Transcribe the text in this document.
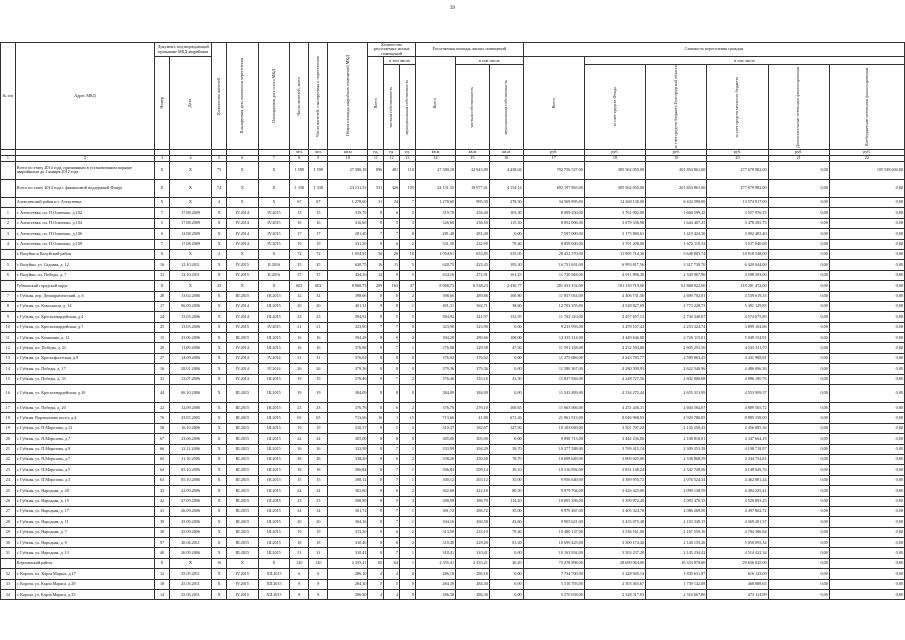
39
№ п/п	Адрес МКД	Документ, подтверждающий признание МКД аварийным		Количество жителей	Планируемая дата окончания переселения	Планируемая дата сноса МКД	Число жителей, всего	Число жителей, планируемых к переселению	Общая площадь аварийных помещений МКД	Количество расселяемых жилых помещений			Расселяемая площадь жилых помещений			Стоимость переселения граждан					

		Номер	Дата							Всего	в том числе		Всего	в том числе		Всего	в том числе				

											частная собственность	муниципальная собственность		частная собственность	муниципальная собственность		за счет средств Фонда	за счет средств бюджета Белгородской области	за счет средств местного бюджета	Дополнительные источники финансирования	Внебюджетные источники финансирования

							чел.	чел.	кв.м	ед.	ед.	ед.	кв.м	кв.м	кв.м	руб.	руб.	руб.	руб.	руб.	руб.
1	2	3	4	5	6	7	8	9	10	11	12	13	14	15	16	17	18	19	20	21	22
	Всего по этапу 2014 года, признанным в установленном порядке аварийными до 1 января 2012 года	X	X	75	X	X	1 599	1 599	27 380,18	896	481	110	27 380,18	22 943,89	4 438,04	792 756 527,00	385 562 050,00	201 854 861,00	277 679 982,00	0,00	105 548 604,00
	Всего по этапу 2014 года с финансовой поддержкой Фонда	X	X	74	X	X	1 338	1 338	24 131,55	531	426	105	24 131,55	19 977,41	4 154,14	692 197 863,00	385 562 050,00	201 854 861,00	277 679 982,00	0,00	0,00
	Алексеевский район и г. Алексеевка	X	X	4	X	X	67	67	1 278,60	31	24	7	1 278,60	995,30	278,30	34 569 895,00	14 268 138,00	6 434 590,00	13 574 917,00	0,00	0,00
1	г. Алексеевка, пл. П.Осипенко, д.102	7	17.08.2009	X	IV.2014	IV.2015	15	15	319,70	8	6	2	319,70	256,40	103,30	8 099 250,00	3 761 902,00	1 668 599,45	3 557 976,15	0,00	0,00
2	г. Алексеевка, пл. П.Осипенко, д.104	5	17.08.2009	X	IV.2014	IV.2015	16	16	316,60	8	5	3	326,60	236,50	115,30	8 852 006,00	3 679 336,98	1 644 407,25	3 478 205,73	0,00	0,00
3	г. Алексеевка, пл. П.Осипенко, д.106	6	12.08.2009	X	IV.2014	IV.2015	17	17	281,40	7	7	0	281,40	281,40	0,00	7 597 000,00	3 175 880,61	1 419 424,30	3 002 483,40	0,00	0,00
4	г. Алексеевка, пл. П.Осипенко, д.109	7	17.08.2009	X	IV.2014	IV.2015	19	19	331,50	8	6	2	331,50	232,90	79,40	8 859 000,00	3 701 208,00	1 672 110,32	3 537 040,68	0,00	0,00
	г. Валуйки и Валуйский район	X	X	2	X	X	72	72	1 054,91	30	20	10	1 054,91	653,85	335,05	28 452 570,00	11 905 714,36	5 648 803,74	10 918 348,00	0,00	0,00
5	г. Валуйки, ул. Садовая, д. 12	16	12.10.2011	X	IV.2015	II.2016	35	35	620,75	16	11	5	620,75	425,45	195,30	16 731 631,00	6 993 817,56	3 317 739,70	6 420 044,00	0,00	0,00
6	г. Валуйки, пл. Победы, д. 7	13	12.10.2011	X	IV.2015	II.2016	37	37	434,16	14	9	5	434,16	272,91	161,25	11 720 948,00	4 911 896,30	2 330 967,96	4 598 303,00	0,00	0,00
	Губкинский городской округ	X	X	25	X	X	602	602	8 968,73	209	163	47	8 968,73	6 538,23	2 430,77	281 433 152,00	101 130 719,00	61 868 922,00	118 281 472,00	0,00	0,00
7	г. Губкин, пер. Демократический, д. 6	28	13.02.2006	X	III.2015	III.2015	32	32	398,66	8	6	2	398,66	289,86	100,80	11 837 054,00	4 406 731,56	2 690 702,01	4 539 619,33	0,00	0,00
8	г. Губкин, ул. Комсомола, д. 14	17	06.09.2006	X	IV.2014	III.2015	20	20	401,31	9	8	1	401,31	362,71	38,60	12 703 355,00	4 528 827,69	2 773 228,73	5 491 129,83	0,00	0,00
9	г. Губкин, ул. Кросногвардейская, д.4	24	13.03.2006	X	IV.2014	III.2015	23	23	394,92	8	5	3	394,92	241,97	152,95	11 762 310,00	4 457 657,13	2 730 340,07	4 574 675,89	0,00	0,00
10	г. Губкин, ул. Кросногвардейская, д.7	25	13.03.2006	X	IV.2015	IV.2015	21	21	323,90	7	7	0	323,90	323,90	0,00	9 233 993,00	3 478 107,42	2 253 324,74	3 899 104,86	0,00	0,00
11	г. Губкин, ул. Калинина, д. 12	15	23.06.2006	X	III.2015	III.2015	16	16	394,28	8	6	2	394,28	280,66	108,00	12 335 114,00	4 449 646,88	2 726 115,01	5 049 154,91	0,00	0,00
12	г. Губкин, пл. Победы, д. 21	20	11.09.2006	X	IV.2014	III.2015	16	16	376,88	8	7	1	376,88	329,38	47,50	11 591 138,00	4 252 594,80	2 605 255,50	4 533 311,70	0,00	0,00
13	г. Губкин, ул. Кроснофлотская, д.9	27	14.09.2006	X	IV.2014	IV.2014	31	31	376,02	8	8	0	376,02	376,02	0,00	11 275 686,00	4 243 783,77	2 599 863,45	4 431 988,81	0,00	0,00
14	г. Губкин, ул. Победы, д. 17	16	28.01.2006	X	IV.2014	IV.2014	26	26	379,36	8	8	0	379,36	379,36	0,00	11 580 367,00	4 280 509,93	2 622 540,96	4 486 006,36	0,00	0,00
15	г. Губкин, ул. Победы, д. 33	31	12.07.2006	X	IV.2014	III.2015	19	19	376,46	9	7	2	376,46	333,16	43,30	11 837 836,00	4 248 727,56	2 602 906,68	4 986 190,76	0,00	0,00
16	г. Губкин, ул. Кросногвардейская, д.10	44	06.10.2006	X	III.2015	III.2015	19	19	384,09	8	8	0	384,09	384,09	0,00	11 543 499,00	4 334 275,44	2 655 313,99	4 553 909,57	0,00	0,00
17	г. Губкин, ул. Победы, д. 20	22	12.09.2006	X	III.2015	III.2015	23	23	376,76	8	6	2	376,76	276,10	100,65	11 663 566,00	4 251 436,31	2 604 564,07	4 809 565,72	0,00	0,00
18	г. Губкин, Ворошилова посел, д.4	76	23.03.2005	X	III.2015	III.2015	65	65	713,66	16	1	15	713,66	41,80	671,26	21 861 913,00	8 046 968,93	4 929 786,85	8 885 158,00	0,00	0,00
19	г. Губкин, ул. П.Морозова, д.13	58	16.10.2006	X	III.2015	III.2015	19	19	310,37	8	5	3	310,37	182,67	127,50	10 103 049,00	3 501 707,22	2 145 256,43	4 456 085,36	0,00	0,00
20	г. Губкин, ул. П.Морозова, д.7	67	23.06.2006	X	III.2015	III.2015	24	24	305,00	8	8	0	305,00	305,00	0,00	9 898 713,00	3 442 236,00	2 108 818,01	4 347 664,19	0,00	0,00
21	г. Губкин, ул. П.Морозова, д.9	66	12.11.2006	X	III.2015	III.2015	16	16	333,99	8	7	1	333,99	294,29	39,70	10 277 588,00	3 769 415,14	2 309 253,39	4 198 718,97	0,00	0,00
22	г. Губкин, ул. П.Морозова, д.7	65	11.10.2006	X	III.2015	III.2015	28	28	338,20	8	6	2	338,20	250,50	78,70	10 008 649,00	3 809 025,00	2 338 868,59	4 344 754,81	0,00	0,00
23	г. Губкин, ул. П.Морозова, д.5	64	05.10.2006	X	III.2015	III.2015	18	18	306,84	8	7	1	306,84	299,14	39,10	10 316 892,00	3 831 148,24	2 342 749,56	4 149 649,76	0,00	0,00
24	г. Губкин, ул. П.Морозова, д.3	63	05.10.2006	X	III.2015	III.2015	15	15	300,12	8	7	1	300,12	265,12	35,00	9 956 640,00	3 389 955,72	2 076 524,34	4 462 881,44	0,00	0,00
25	г. Губкин, ул. Народная, д. 20	43	22.09.2006	X	III.2015	III.2015	24	24	302,60	8	6	2	302,60	222,10	80,50	9 979 704,00	3 426 425,00	2 099 138,59	4 494 225,41	0,00	0,00
26	г. Губкин, ул. Народная, д. 19	42	27.09.2006	X	III.2015	III.2015	23	23	300,99	8	5	3	300,99	186,79	114,20	10 005 336,00	3 399 972,40	2 083 470,35	4 520 893,25	0,00	0,00
27	г. Губкин, ул. Народная, д. 17	41	26.09.2006	X	III.2015	III.2015	34	34	301,72	8	7	1	301,72	286,72	35,00	9 979 467,00	3 405 324,78	2 086 269,50	4 497 862,72	0,00	0,00
28	г. Губкин, ул. Народная, д. 11	39	25.09.2006	X	III.2015	III.2015	20	20	304,16	8	7	1	304,16	260,58	43,60	9 905 621,00	3 433 075,48	2 103 349,15	4 369 201,37	0,00	0,00
29	г. Губкин, ул. Народная, д. 7	38	25.09.2006	X	III.2015	III.2015	19	19	313,50	8	6	2	313,50	233,10	79,40	10 480 147,00	3 536 161,00	2 167 559,16	4 784 386,84	0,00	0,00
30	г. Губкин, ул. Народная, д. 9	97	20.04.2011	X	III.2015	III.2015	18	18	310,40	8	6	2	310,40	229,20	81,20	10 699 425,00	3 500 174,40	2 146 155,26	5 050 095,34	0,00	0,00
31	г. Губкин, ул. Народная, д. 13	40	26.09.2006	X	III.2015	III.2015	31	31	310,41	8	7	1	310,41	310,41	0,00	10 163 934,00	3 503 237,28	2 145 234,42	4 514 422,34	0,00	0,00
	Корочанский район	X	X	16	X	X	120	120	2 355,41	65	64	1	2 355,41	2 335,21	20,20	75 278 898,00	28 699 064,00	16 333 870,00	29 656 045,00	0,00	0,00
32	г. Короча, пл. Карла Маркса, д.17	12	25.03.2011	X	IV.2015	XII.2015	6	6	286,10	4	4	0	286,10	286,10	0,00	7 734 700,00	3 228 945,14	1 839 631,87	616 123,09	0,00	0,00
33	г. Короча, ул. Карла Маркса, д.29	18	25.03.2011	X	IV.2015	XII.2015	9	9	284,30	5	5	0	284,30	284,30	0,00	5 510 703,00	2 303 465,67	1 739 142,08	468 088,65	0,00	0,00
34	г. Короча, ул. Карла Маркса, д.35	14	25.03.2011	X	IV.2015	XII.2015	8	8	286,30	4	4	0	286,30	286,30	0,00	5 570 658,00	2 328 317,03	2 316 667,86	473 114,99	0,00	0,00
